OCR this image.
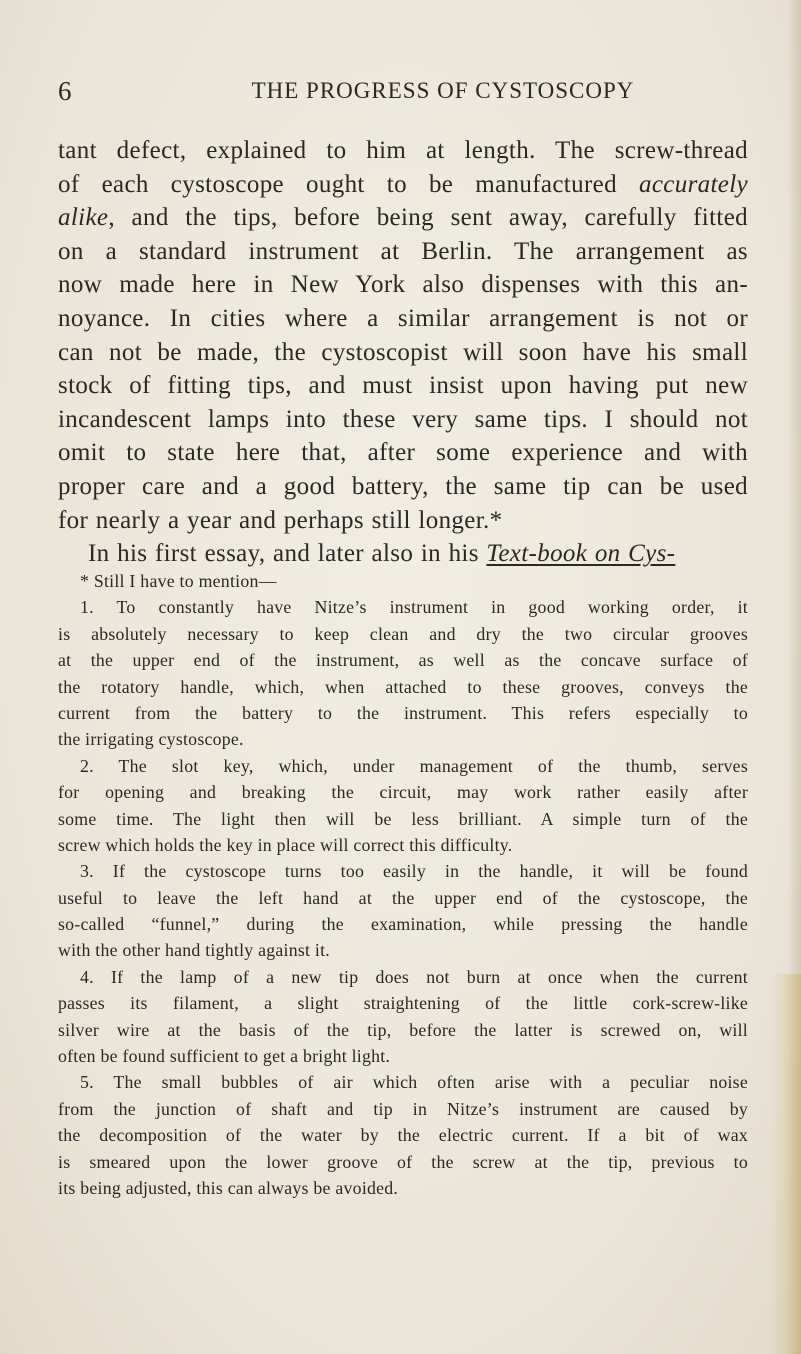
6	THE PROGRESS OF CYSTOSCOPY
tant defect, explained to him at length. The screw-thread
of each cystoscope ought to be manufactured accurately
alike, and the tips, before being sent away, carefully fitted
on a standard instrument at Berlin. The arrangement as
now made here in New York also dispenses with this an-
noyance. In cities where a similar arrangement is not or
can not be made, the cystoscopist will soon have his small
stock of fitting tips, and must insist upon having put new
incandescent lamps into these very same tips. I should not
omit to state here that, after some experience and with
proper care and a good battery, the same tip can be used
for nearly a year and perhaps still longer.*
In his first essay, and later also in his Text-book on Cys-
* Still I have to mention—
1. To constantly have Nitze’s instrument in good working order, it
is absolutely necessary to keep clean and dry the two circular grooves
at the upper end of the instrument, as well as the concave surface of
the rotatory handle, which, when attached to these grooves, conveys the
current from the battery to the instrument. This refers especially to
the irrigating cystoscope.
2. The slot key, which, under management of the thumb, serves
for opening and breaking the circuit, may work rather easily after
some time. The light then will be less brilliant. A simple turn of the
screw which holds the key in place will correct this difficulty.
3. If the cystoscope turns too easily in the handle, it will be found
useful to leave the left hand at the upper end of the cystoscope, the
so-called “funnel,” during the examination, while pressing the handle
with the other hand tightly against it.
4. If the lamp of a new tip does not burn at once when the current
passes its filament, a slight straightening of the little cork-screw-like
silver wire at the basis of the tip, before the latter is screwed on, will
often be found sufficient to get a bright light.
5. The small bubbles of air which often arise with a peculiar noise
from the junction of shaft and tip in Nitze’s instrument are caused by
the decomposition of the water by the electric current. If a bit of wax
is smeared upon the lower groove of the screw at the tip, previous to
its being adjusted, this can always be avoided.
